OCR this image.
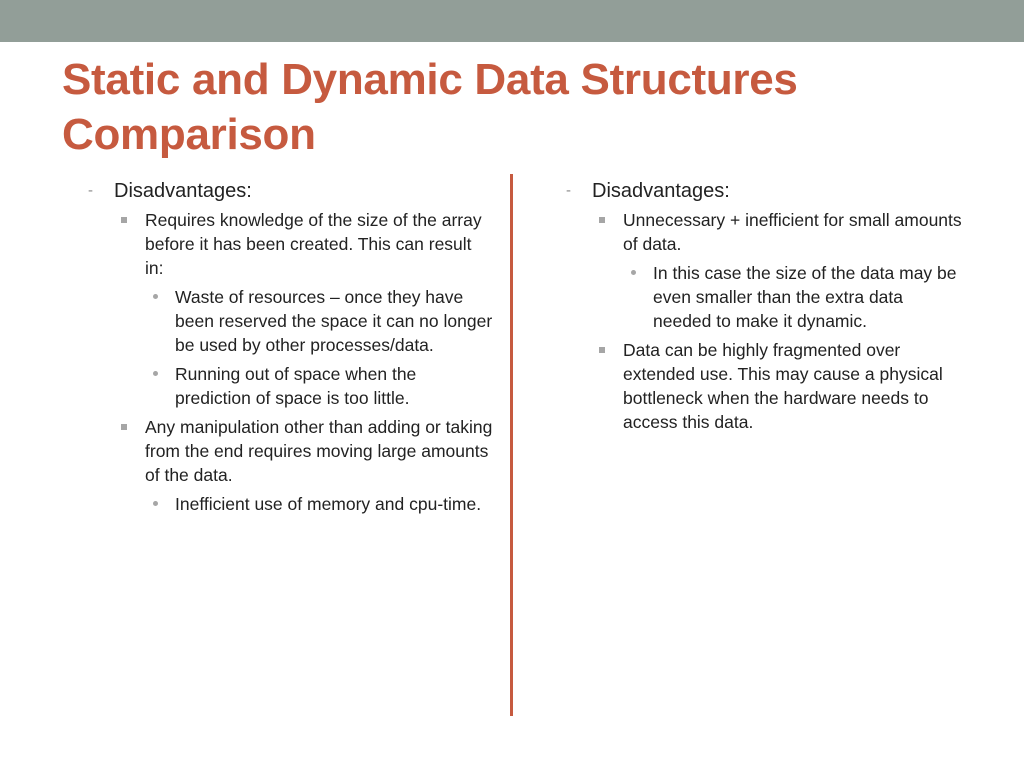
Static and Dynamic Data Structures
Comparison
-	Disadvantages:
Requires knowledge of the size of the array before it has been created. This can result in:
Waste of resources – once they have been reserved the space it can no longer be used by other processes/data.
Running out of space when the prediction of space is too little.
Any manipulation other than adding or taking from the end requires moving large amounts of the data.
Inefficient use of memory and cpu-time.
-	Disadvantages:
Unnecessary + inefficient for small amounts of data.
In this case the size of the data may be even smaller than the extra data needed to make it dynamic.
Data can be highly fragmented over extended use. This may cause a physical bottleneck when the hardware needs to access this data.
